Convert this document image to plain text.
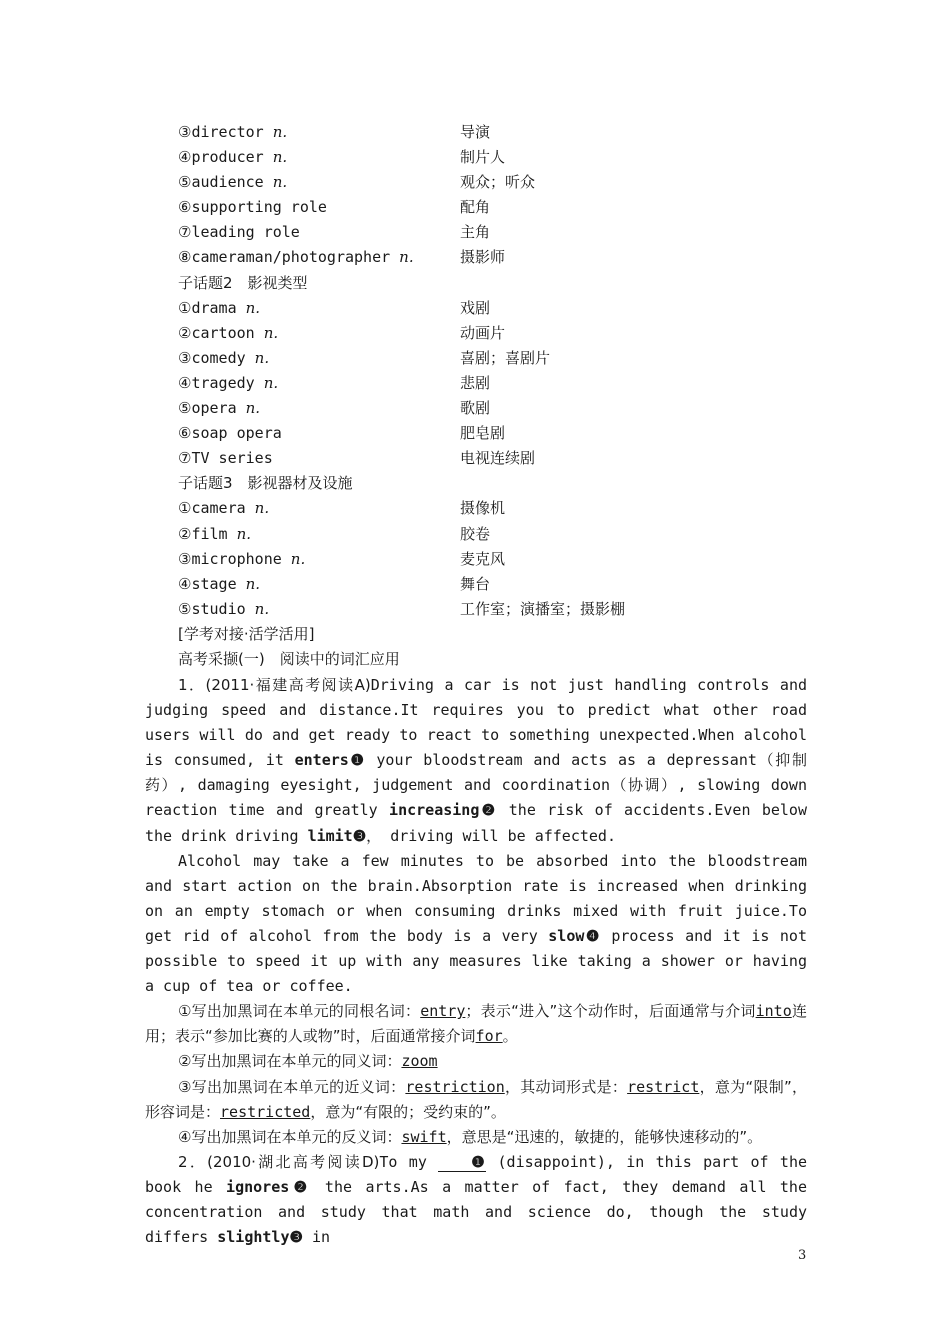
③director n.	导演
④producer n.	制片人
⑤audience n.	观众；听众
⑥supporting role	配角
⑦leading role	主角
⑧cameraman/photographer n.	摄影师
子话题2　影视类型
①drama n.	戏剧
②cartoon n.	动画片
③comedy n.	喜剧；喜剧片
④tragedy n.	悲剧
⑤opera n.	歌剧
⑥soap opera	肥皂剧
⑦TV series	电视连续剧
子话题3　影视器材及设施
①camera n.	摄像机
②film n.	胶卷
③microphone n.	麦克风
④stage n.	舞台
⑤studio n.	工作室；演播室；摄影棚
[学考对接·活学活用]
高考采撷(一)　阅读中的词汇应用
1．(2011·福建高考阅读A)Driving a car is not just handling controls and judging speed and distance.It requires you to predict what other road users will do and get ready to react to something unexpected.When alcohol is consumed, it enters❶ your bloodstream and acts as a depressant（抑制药）, damaging eyesight, judgement and coordination（协调）, slowing down reaction time and greatly increasing❷ the risk of accidents.Even below the drink driving limit❸， driving will be affected.
Alcohol may take a few minutes to be absorbed into the bloodstream and start action on the brain.Absorption rate is increased when drinking on an empty stomach or when consuming drinks mixed with fruit juice.To get rid of alcohol from the body is a very slow❹ process and it is not possible to speed it up with any measures like taking a shower or having a cup of tea or coffee.
①写出加黑词在本单元的同根名词：entry；表示“进入”这个动作时，后面通常与介词into连用；表示“参加比赛的人或物”时，后面通常接介词for。
②写出加黑词在本单元的同义词：zoom
③写出加黑词在本单元的近义词：restriction，其动词形式是：restrict，意为“限制”，形容词是：restricted，意为“有限的；受约束的”。
④写出加黑词在本单元的反义词：swift，意思是“迅速的，敏捷的，能够快速移动的”。
2．(2010·湖北高考阅读D)To my ❶ (disappoint), in this part of the book he ignores❷ the arts.As a matter of fact, they demand all the concentration and study that math and science do, though the study differs slightly❸ in
3
